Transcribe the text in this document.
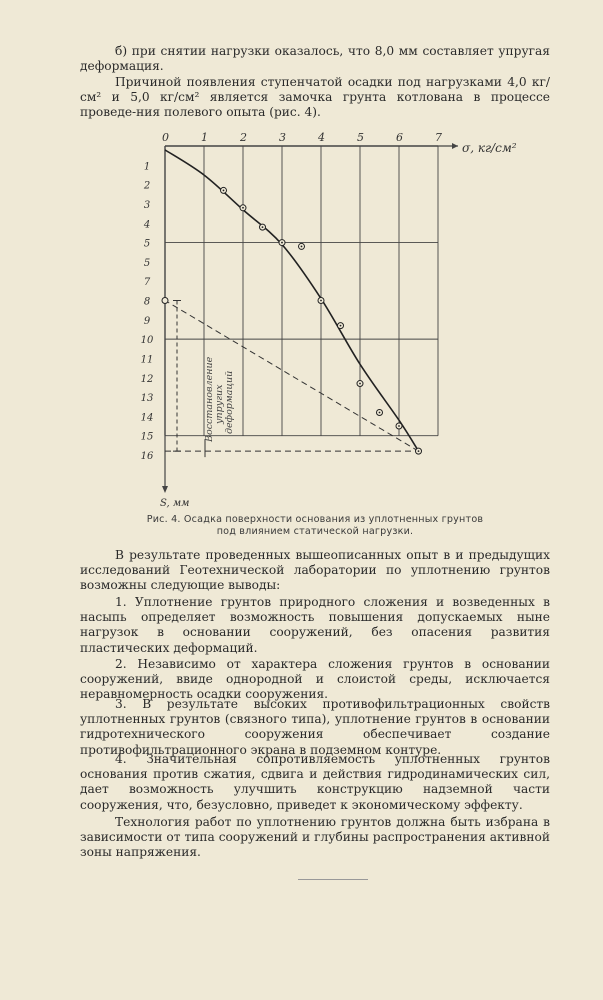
б) при снятии нагрузки оказалось, что 8,0 мм составляет упругая деформация.

Причиной появления ступенчатой осадки под нагрузками 4,0 кг/см² и 5,0 кг/см² является замочка грунта котлована в процессе проведе-ния полевого опыта (рис. 4).

0	1	2	3	4	5	6	7
1
2
3
4
5
5
7
8
9
10
11
12
13
14
15
16
σ, кг/см²
S, мм
Восстановление упругих деформаций
Рис. 4. Осадка поверхности основания из уплотненных грунтов
под влиянием статической нагрузки.

В результате проведенных вышеописанных опыт в и предыдущих исследований Геотехнической лаборатории по уплотнению грунтов возможны следующие выводы:

1. Уплотнение грунтов природного сложения и возведенных в насыпь определяет возможность повышения допускаемых ныне нагрузок в основании сооружений, без опасения развития пластических деформаций.

2. Независимо от характера сложения грунтов в основании сооружений, ввиде однородной и слоистой среды, исключается неравномерность осадки сооружения.

3. В результате высоких противофильтрационных свойств уплотненных грунтов (связного типа), уплотнение грунтов в основании гидротехнического сооружения обеспечивает создание противофильтрационного экрана в подземном контуре.

4. Значительная сопротивляемость уплотненных грунтов основания против сжатия, сдвига и действия гидродинамических сил, дает возможность улучшить конструкцию надземной части сооружения, что, безусловно, приведет к экономическому эффекту.

Технология работ по уплотнению грунтов должна быть избрана в зависимости от типа сооружений и глубины распространения активной зоны напряжения.
